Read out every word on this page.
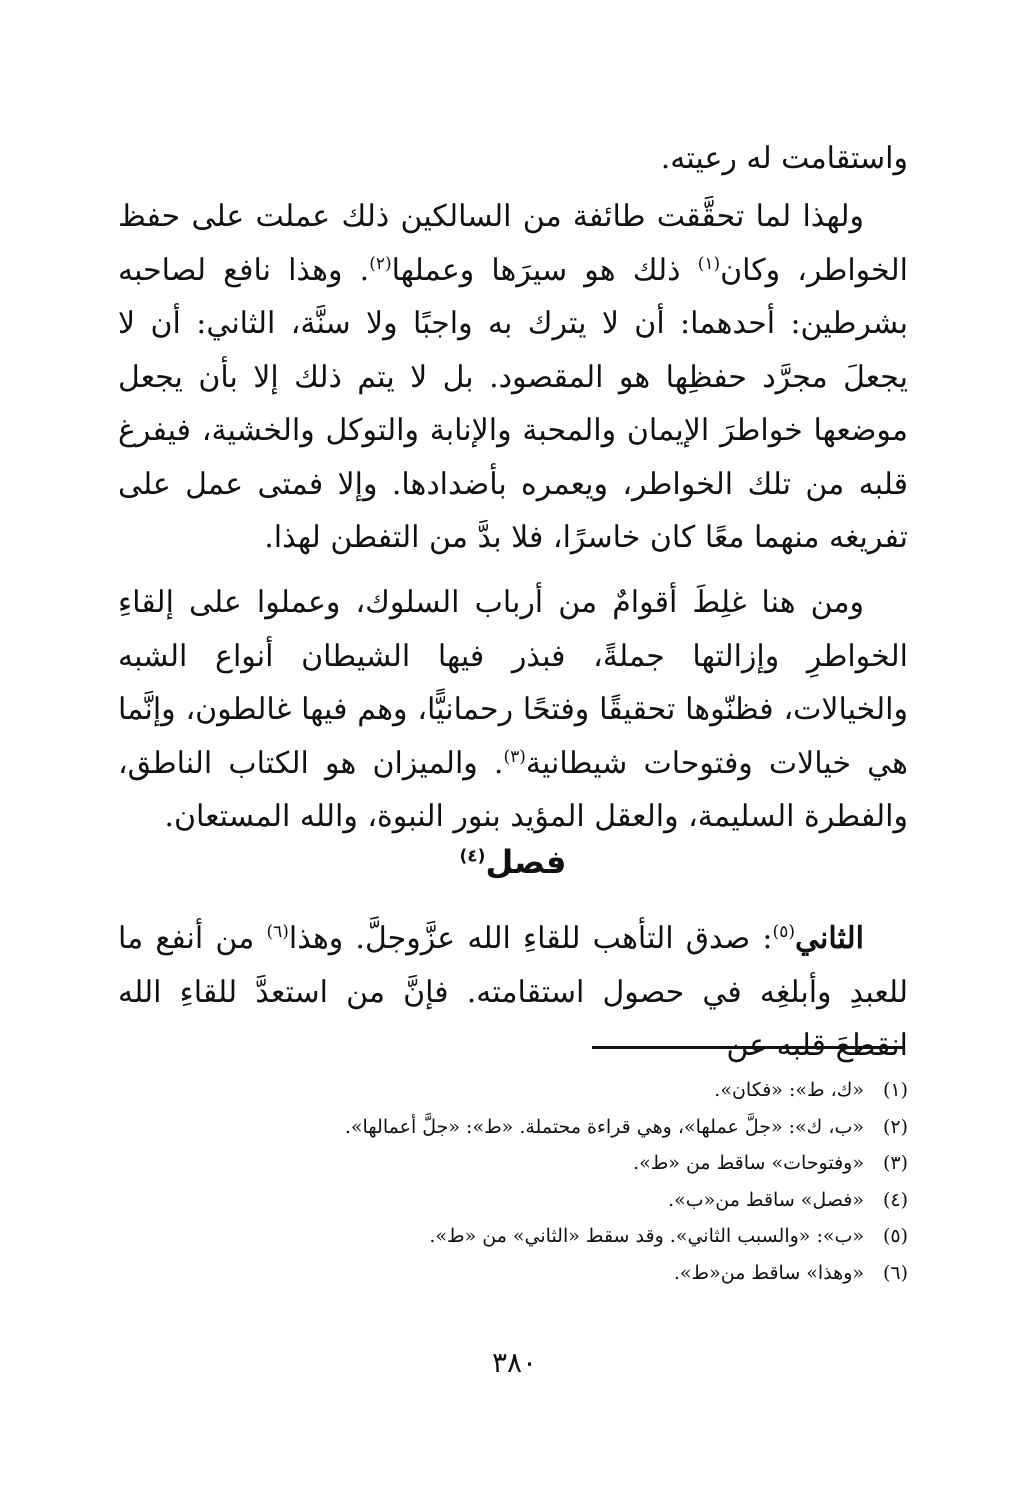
واستقامت له رعيته.

ولهذا لما تحقَّقت طائفة من السالكين ذلك عملت على حفظ الخواطر، وكان$^{(١)}$ ذلك هو سيرَها وعملها$^{(٢)}$. وهذا نافع لصاحبه بشرطين: أحدهما: أن لا يترك به واجبًا ولا سنَّة، الثاني: أن لا يجعلَ مجرَّد حفظِها هو المقصود. بل لا يتم ذلك إلا بأن يجعل موضعها خواطرَ الإيمان والمحبة والإنابة والتوكل والخشية، فيفرغ قلبه من تلك الخواطر، ويعمره بأضدادها. وإلا فمتى عمل على تفريغه منهما معًا كان خاسرًا، فلا بدَّ من التفطن لهذا.

ومن هنا غلِطَ أقوامٌ من أرباب السلوك، وعملوا على إلقاءِ الخواطرِ وإزالتها جملةً، فبذر فيها الشيطان أنواع الشبه والخيالات، فظنّوها تحقيقًا وفتحًا رحمانيًّا، وهم فيها غالطون، وإنَّما هي خيالات وفتوحات شيطانية$^{(٣)}$. والميزان هو الكتاب الناطق، والفطرة السليمة، والعقل المؤيد بنور النبوة، والله المستعان.

فصل$^{(٤)}$

الثاني$^{(٥)}$: صدق التأهب للقاءِ الله عزَّوجلَّ. وهذا$^{(٦)}$ من أنفع ما للعبدِ وأبلغِه في حصول استقامته. فإنَّ من استعدَّ للقاءِ الله انقطعَ قلبه عن

(١)«ك، ط»: «فكان».
(٢)«ب، ك»: «جلَّ عملها»، وهي قراءة محتملة. «ط»: «جلَّ أعمالها».
(٣)«وفتوحات» ساقط من «ط».
(٤)«فصل» ساقط من«ب».
(٥)«ب»: «والسبب الثاني». وقد سقط «الثاني» من «ط».
(٦)«وهذا» ساقط من«ط».
٣٨٠
